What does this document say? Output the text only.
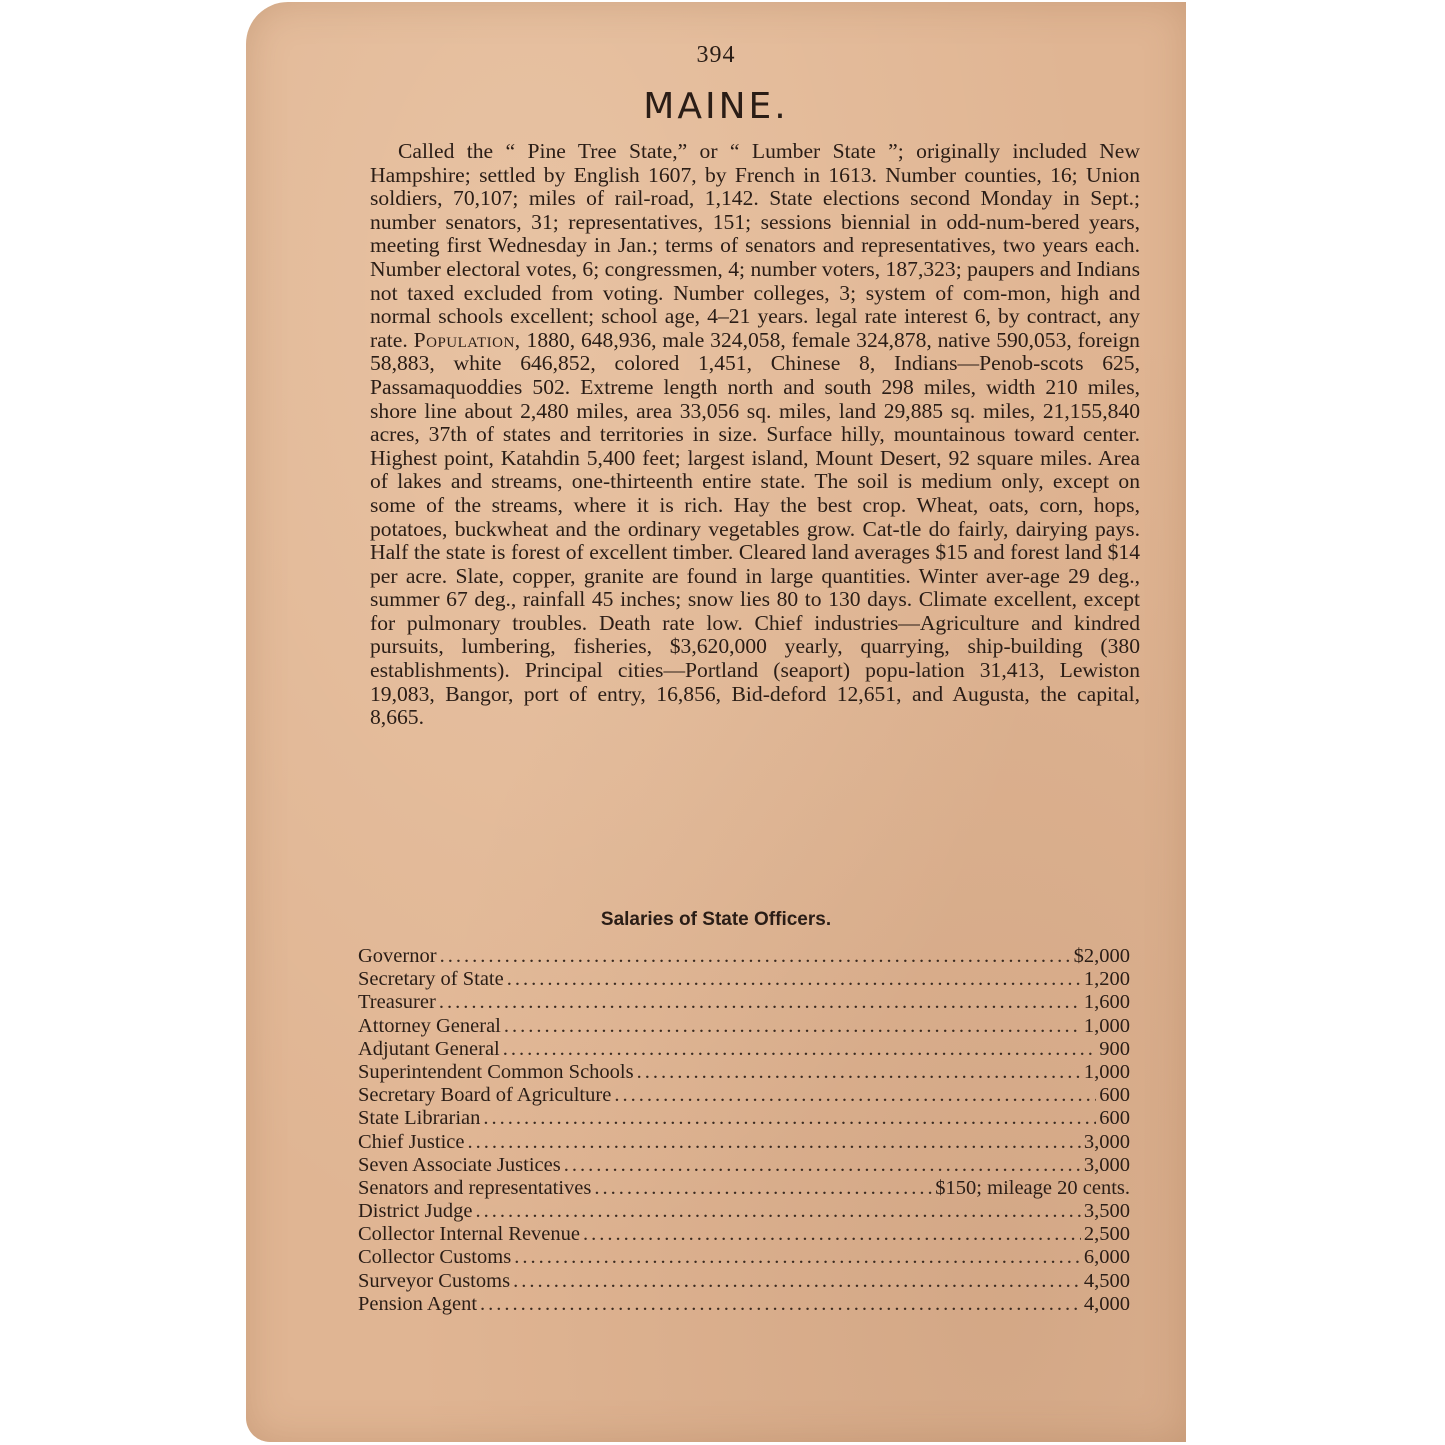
394
MAINE.

Called the “ Pine Tree State,” or “ Lumber State ”; originally included New Hampshire; settled by English 1607, by French in 1613. Number counties, 16; Union soldiers, 70,107; miles of rail-road, 1,142. State elections second Monday in Sept.; number senators, 31; representatives, 151; sessions biennial in odd-num-bered years, meeting first Wednesday in Jan.; terms of senators and representatives, two years each. Number electoral votes, 6; congressmen, 4; number voters, 187,323; paupers and Indians not taxed excluded from voting. Number colleges, 3; system of com-mon, high and normal schools excellent; school age, 4–21 years. legal rate interest 6, by contract, any rate. Population, 1880, 648,936, male 324,058, female 324,878, native 590,053, foreign 58,883, white 646,852, colored 1,451, Chinese 8, Indians—Penob-scots 625, Passamaquoddies 502. Extreme length north and south 298 miles, width 210 miles, shore line about 2,480 miles, area 33,056 sq. miles, land 29,885 sq. miles, 21,155,840 acres, 37th of states and territories in size. Surface hilly, mountainous toward center. Highest point, Katahdin 5,400 feet; largest island, Mount Desert, 92 square miles. Area of lakes and streams, one-thirteenth entire state. The soil is medium only, except on some of the streams, where it is rich. Hay the best crop. Wheat, oats, corn, hops, potatoes, buckwheat and the ordinary vegetables grow. Cat-tle do fairly, dairying pays. Half the state is forest of excellent timber. Cleared land averages $15 and forest land $14 per acre. Slate, copper, granite are found in large quantities. Winter aver-age 29 deg., summer 67 deg., rainfall 45 inches; snow lies 80 to 130 days. Climate excellent, except for pulmonary troubles. Death rate low. Chief industries—Agriculture and kindred pursuits, lumbering, fisheries, $3,620,000 yearly, quarrying, ship-building (380 establishments). Principal cities—Portland (seaport) popu-lation 31,413, Lewiston 19,083, Bangor, port of entry, 16,856, Bid-deford 12,651, and Augusta, the capital, 8,665.

Salaries of State Officers.
Governor .....	$2,000
Secretary of State .....	1,200
Treasurer .....	1,600
Attorney General .....	1,000
Adjutant General .....	900
Superintendent Common Schools .....	1,000
Secretary Board of Agriculture .....	600
State Librarian .....	600
Chief Justice .....	3,000
Seven Associate Justices .....	3,000
Senators and representatives .....	$150; mileage 20 cents.
District Judge .....	3,500
Collector Internal Revenue .....	2,500
Collector Customs .....	6,000
Surveyor Customs .....	4,500
Pension Agent .....	4,000
